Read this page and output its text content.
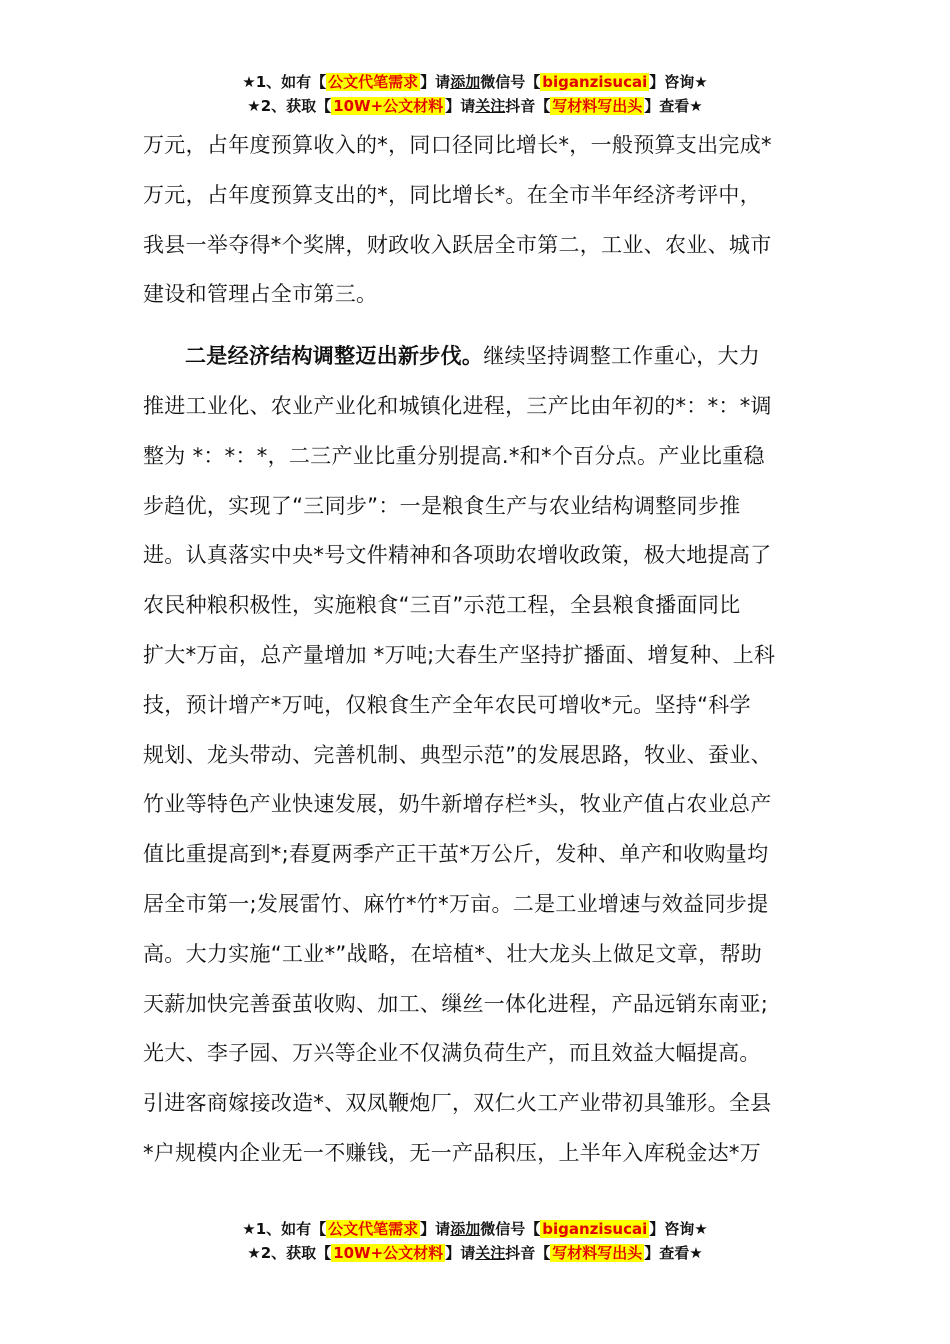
★1、如有【 公文代笔需求 】请添加微信号【 biganzisucai 】咨询★
★2、获取【 10W+公文材料 】请关注抖音【 写材料写出头 】查看★

万元，占年度预算收入的*，同口径同比增长*，一般预算支出完成*
万元，占年度预算支出的*，同比增长*。在全市半年经济考评中，
我县一举夺得*个奖牌，财政收入跃居全市第二，工业、农业、城市
建设和管理占全市第三。

二是经济结构调整迈出新步伐。继续坚持调整工作重心，大力
推进工业化、农业产业化和城镇化进程，三产比由年初的*：*：*调
整为 *：*：*，二三产业比重分别提高.*和*个百分点。产业比重稳
步趋优，实现了“三同步”：一是粮食生产与农业结构调整同步推
进。认真落实中央*号文件精神和各项助农增收政策，极大地提高了
农民种粮积极性，实施粮食“三百”示范工程，全县粮食播面同比
扩大*万亩，总产量增加 *万吨;大春生产坚持扩播面、增复种、上科
技，预计增产*万吨，仅粮食生产全年农民可增收*元。坚持“科学
规划、龙头带动、完善机制、典型示范”的发展思路，牧业、蚕业、
竹业等特色产业快速发展，奶牛新增存栏*头，牧业产值占农业总产
值比重提高到*;春夏两季产正干茧*万公斤，发种、单产和收购量均
居全市第一;发展雷竹、麻竹*竹*万亩。二是工业增速与效益同步提
高。大力实施“工业*”战略，在培植*、壮大龙头上做足文章，帮助
天薪加快完善蚕茧收购、加工、缫丝一体化进程，产品远销东南亚;
光大、李子园、万兴等企业不仅满负荷生产，而且效益大幅提高。
引进客商嫁接改造*、双凤鞭炮厂，双仁火工产业带初具雏形。全县
*户规模内企业无一不赚钱，无一产品积压，上半年入库税金达*万

★1、如有【 公文代笔需求 】请添加微信号【 biganzisucai 】咨询★
★2、获取【 10W+公文材料 】请关注抖音【 写材料写出头 】查看★
